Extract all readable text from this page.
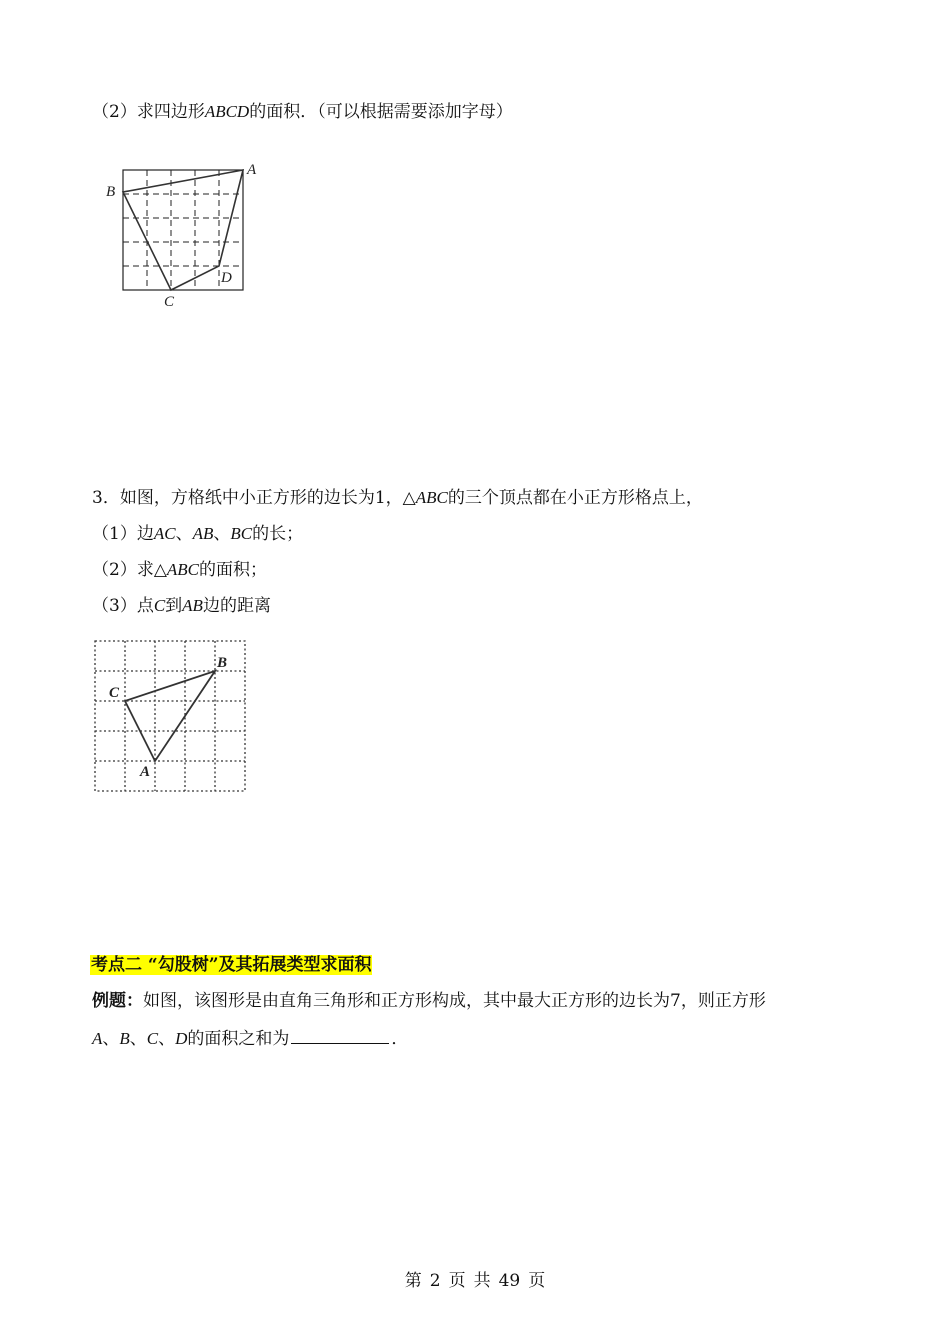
（2）求四边形ABCD的面积．（可以根据需要添加字母）
A
B
C
D
3．如图，方格纸中小正方形的边长为1，△ABC的三个顶点都在小正方形格点上，
（1）边AC、AB、BC的长；
（2）求△ABC的面积；
（3）点C到AB边的距离
B
C
A
考点二 “勾股树”及其拓展类型求面积
例题：如图，该图形是由直角三角形和正方形构成，其中最大正方形的边长为7，则正方形
A、B、C、D的面积之和为	．
第 2 页 共 49 页
